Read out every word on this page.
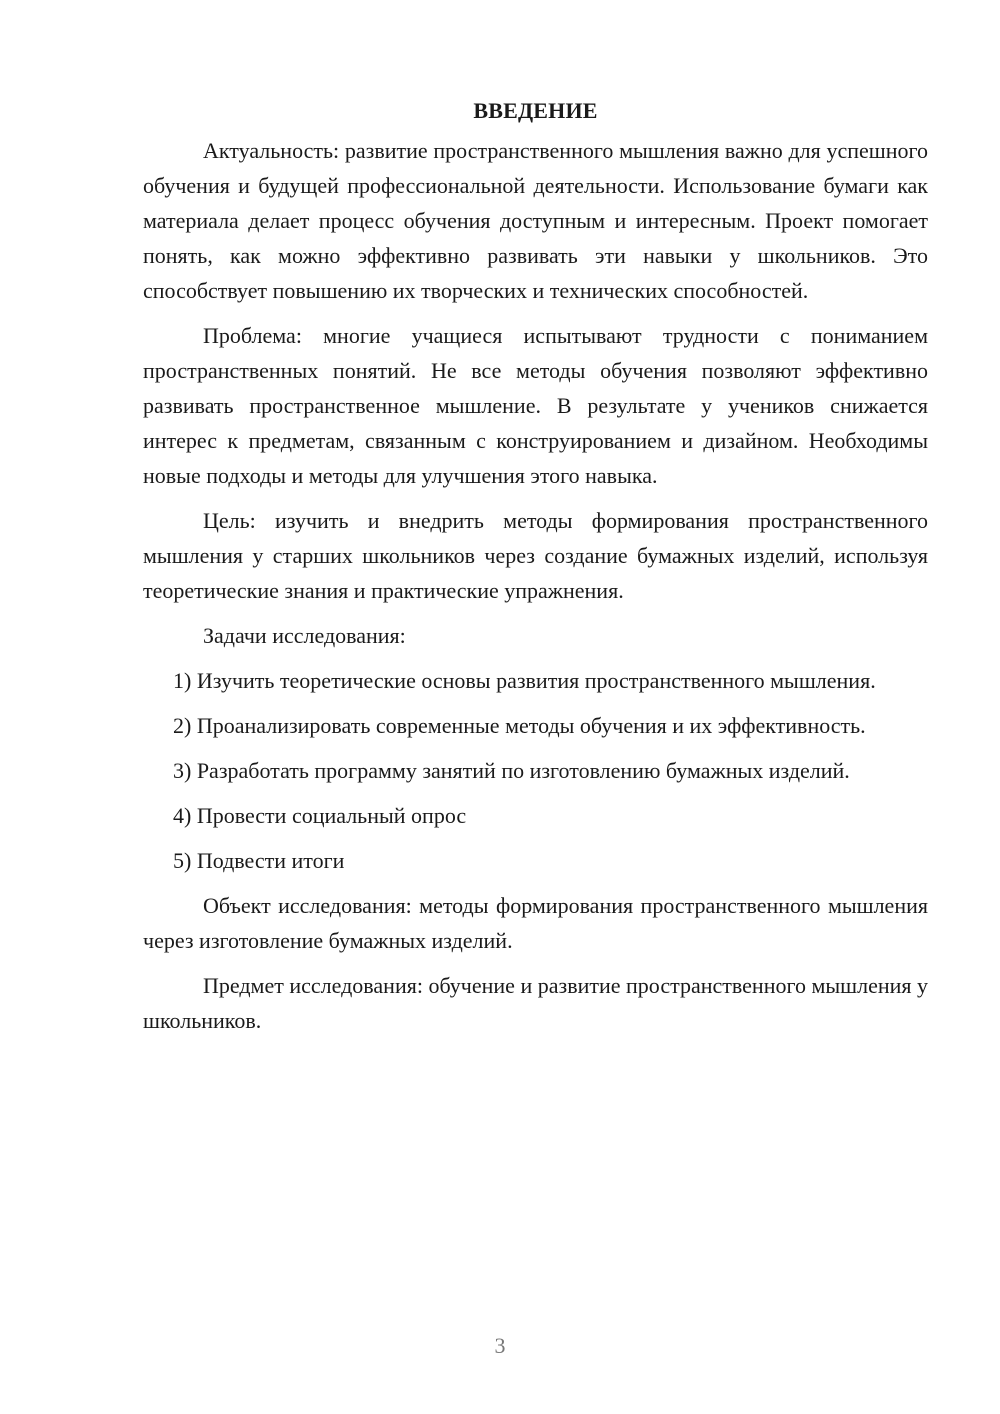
ВВЕДЕНИЕ

Актуальность: развитие пространственного мышления важно для успешного обучения и будущей профессиональной деятельности. Использование бумаги как материала делает процесс обучения доступным и интересным. Проект помогает понять, как можно эффективно развивать эти навыки у школьников. Это способствует повышению их творческих и технических способностей.

Проблема: многие учащиеся испытывают трудности с пониманием пространственных понятий. Не все методы обучения позволяют эффективно развивать пространственное мышление. В результате у учеников снижается интерес к предметам, связанным с конструированием и дизайном. Необходимы новые подходы и методы для улучшения этого навыка.

Цель: изучить и внедрить методы формирования пространственного мышления у старших школьников через создание бумажных изделий, используя теоретические знания и практические упражнения.

Задачи исследования:

1) Изучить теоретические основы развития пространственного мышления.
2) Проанализировать современные методы обучения и их эффективность.
3) Разработать программу занятий по изготовлению бумажных изделий.
4) Провести социальный опрос
5) Подвести итоги

Объект исследования: методы формирования пространственного мышления через изготовление бумажных изделий.

Предмет исследования: обучение и развитие пространственного мышления у школьников.

3
